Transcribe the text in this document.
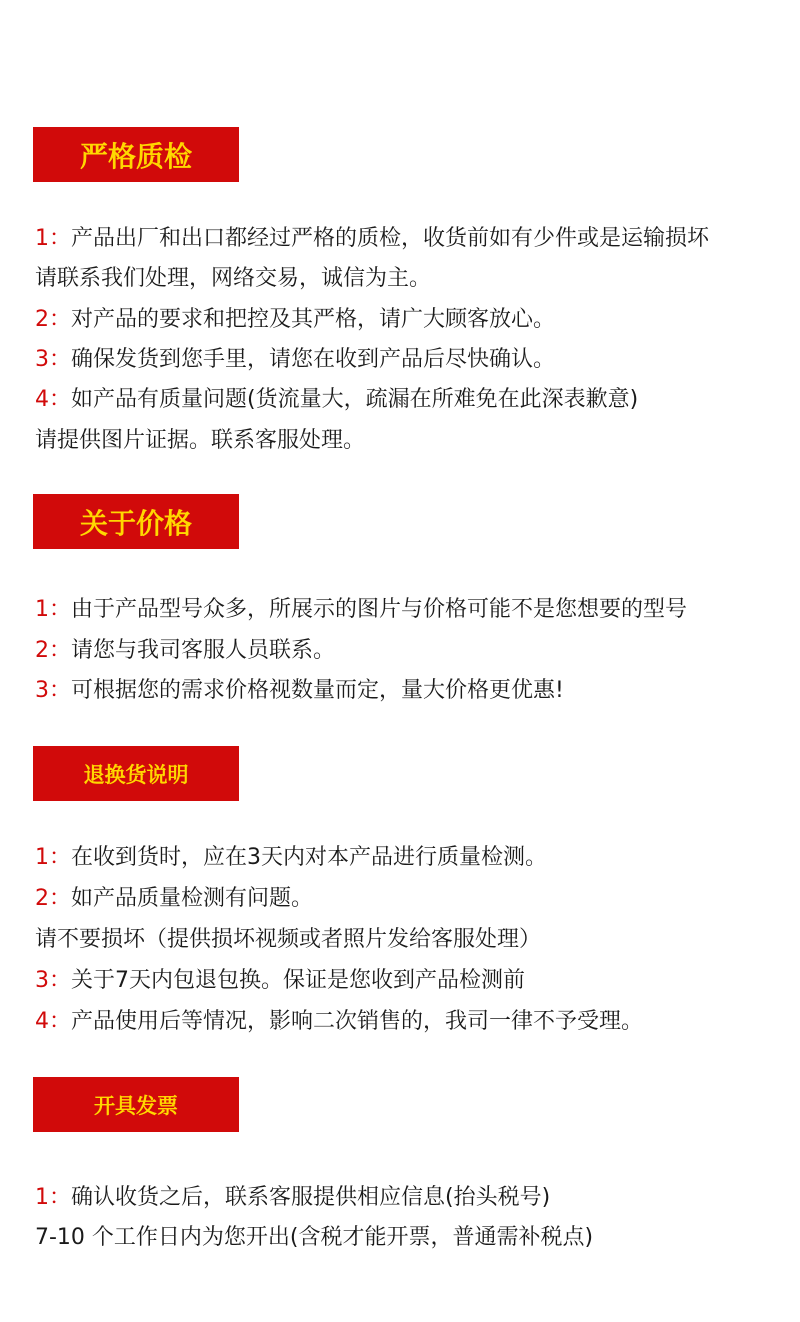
严格质检

1：产品出厂和出口都经过严格的质检，收货前如有少件或是运输损坏

请联系我们处理，网络交易，诚信为主。

2：对产品的要求和把控及其严格，请广大顾客放心。

3：确保发货到您手里，请您在收到产品后尽快确认。

4：如产品有质量问题(货流量大，疏漏在所难免在此深表歉意)

请提供图片证据。联系客服处理。

关于价格

1：由于产品型号众多，所展示的图片与价格可能不是您想要的型号

2：请您与我司客服人员联系。

3：可根据您的需求价格视数量而定，量大价格更优惠!

退换货说明

1：在收到货时，应在3天内对本产品进行质量检测。

2：如产品质量检测有问题。

请不要损坏（提供损坏视频或者照片发给客服处理）

3：关于7天内包退包换。保证是您收到产品检测前

4：产品使用后等情况，影响二次销售的，我司一律不予受理。

开具发票

1：确认收货之后，联系客服提供相应信息(抬头税号)

7-10 个工作日内为您开出(含税才能开票，普通需补税点)
